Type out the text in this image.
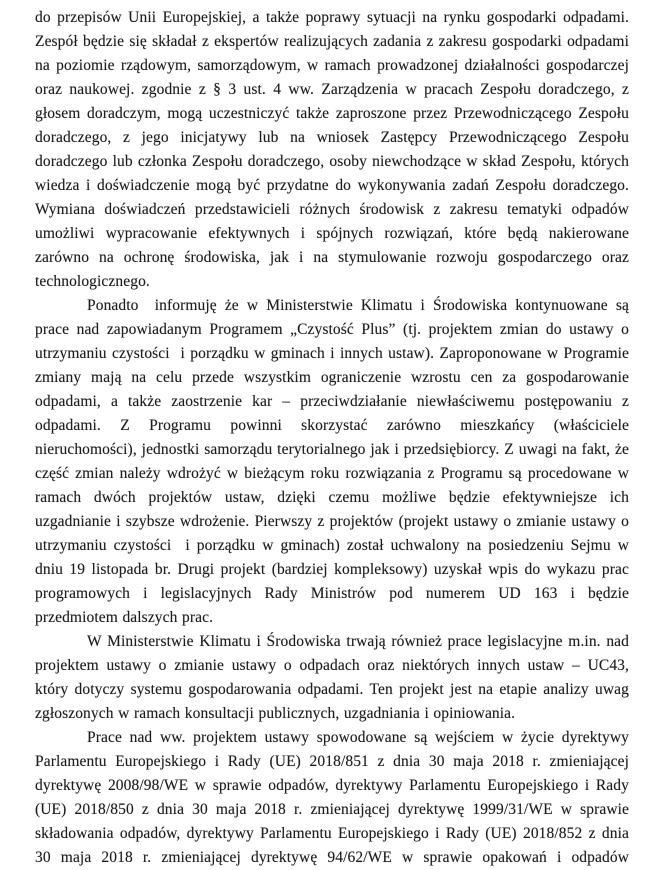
do przepisów Unii Europejskiej, a także poprawy sytuacji na rynku gospodarki odpadami. Zespół będzie się składał z ekspertów realizujących zadania z zakresu gospodarki odpadami na poziomie rządowym, samorządowym, w ramach prowadzonej działalności gospodarczej oraz naukowej. zgodnie z § 3 ust. 4 ww. Zarządzenia w pracach Zespołu doradczego, z głosem doradczym, mogą uczestniczyć także zaproszone przez Przewodniczącego Zespołu doradczego, z jego inicjatywy lub na wniosek Zastępcy Przewodniczącego Zespołu doradczego lub członka Zespołu doradczego, osoby niewchodzące w skład Zespołu, których wiedza i doświadczenie mogą być przydatne do wykonywania zadań Zespołu doradczego. Wymiana doświadczeń przedstawicieli różnych środowisk z zakresu tematyki odpadów umożliwi wypracowanie efektywnych i spójnych rozwiązań, które będą nakierowane zarówno na ochronę środowiska, jak i na stymulowanie rozwoju gospodarczego oraz technologicznego.

Ponadto  informuję że w Ministerstwie Klimatu i Środowiska kontynuowane są prace nad zapowiadanym Programem „Czystość Plus” (tj. projektem zmian do ustawy o utrzymaniu czystości  i porządku w gminach i innych ustaw). Zaproponowane w Programie zmiany mają na celu przede wszystkim ograniczenie wzrostu cen za gospodarowanie odpadami, a także zaostrzenie kar – przeciwdziałanie niewłaściwemu postępowaniu z odpadami. Z Programu powinni skorzystać zarówno mieszkańcy (właściciele nieruchomości), jednostki samorządu terytorialnego jak i przedsiębiorcy. Z uwagi na fakt, że część zmian należy wdrożyć w bieżącym roku rozwiązania z Programu są procedowane w ramach dwóch projektów ustaw, dzięki czemu możliwe będzie efektywniejsze ich uzgadnianie i szybsze wdrożenie. Pierwszy z projektów (projekt ustawy o zmianie ustawy o utrzymaniu czystości  i porządku w gminach) został uchwalony na posiedzeniu Sejmu w dniu 19 listopada br. Drugi projekt (bardziej kompleksowy) uzyskał wpis do wykazu prac programowych i legislacyjnych Rady Ministrów pod numerem UD 163 i będzie przedmiotem dalszych prac.

W Ministerstwie Klimatu i Środowiska trwają również prace legislacyjne m.in. nad projektem ustawy o zmianie ustawy o odpadach oraz niektórych innych ustaw – UC43, który dotyczy systemu gospodarowania odpadami. Ten projekt jest na etapie analizy uwag zgłoszonych w ramach konsultacji publicznych, uzgadniania i opiniowania.

Prace nad ww. projektem ustawy spowodowane są wejściem w życie dyrektywy Parlamentu Europejskiego i Rady (UE) 2018/851 z dnia 30 maja 2018 r. zmieniającej dyrektywę 2008/98/WE w sprawie odpadów, dyrektywy Parlamentu Europejskiego i Rady (UE) 2018/850 z dnia 30 maja 2018 r. zmieniającej dyrektywę 1999/31/WE w sprawie składowania odpadów, dyrektywy Parlamentu Europejskiego i Rady (UE) 2018/852 z dnia 30 maja 2018 r. zmieniającej dyrektywę 94/62/WE w sprawie opakowań i odpadów
